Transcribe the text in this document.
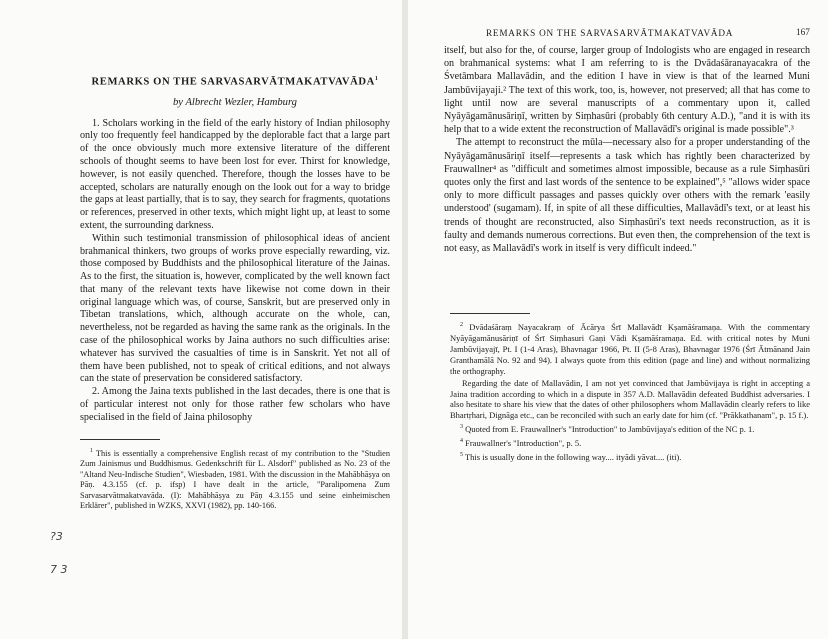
REMARKS ON THE SARVASARVĀTMAKATVAVĀDA$^1$
by Albrecht Wezler, Hamburg

1. Scholars working in the field of the early history of Indian philosophy only too frequently feel handicapped by the deplorable fact that a large part of the once obviously much more extensive literature of the different schools of thought seems to have been lost for ever. Thirst for knowledge, however, is not easily quenched. Therefore, though the losses have to be accepted, scholars are naturally enough on the look out for a way to bridge the gaps at least partially, that is to say, they search for fragments, quotations or references, preserved in other texts, which might light up, at least to some extent, the surrounding darkness.

Within such testimonial transmission of philosophical ideas of ancient brahmanical thinkers, two groups of works prove especially rewarding, viz. those composed by Buddhists and the philosophical literature of the Jainas. As to the first, the situation is, however, complicated by the well known fact that many of the relevant texts have likewise not come down in their original language which was, of course, Sanskrit, but are preserved only in Tibetan translations, which, although accurate on the whole, can, nevertheless, not be regarded as having the same rank as the originals. In the case of the philosophical works by Jaina authors no such difficulties arise: whatever has survived the casualties of time is in Sanskrit. Yet not all of them have been published, not to speak of critical editions, and not always can the state of preservation be considered satisfactory.

2. Among the Jaina texts published in the last decades, there is one that is of particular interest not only for those rather few scholars who have specialised in the field of Jaina philosophy

$^1$ This is essentially a comprehensive English recast of my contribution to the "Studien Zum Jainismus und Buddhismus. Gedenkschrift für L. Alsdorf" published as No. 23 of the "Altand Neu-Indische Studien", Wiesbaden, 1981. With the discussion in the Mahābhāṣya on Pāṇ. 4.3.155 (cf. p. ifsp) I have dealt in the article, "Paralipomena Zum Sarvasarvātmakatvavāda. (I): Mahābhāṣya zu Pāṇ 4.3.155 und seine einheimischen Erklärer", published in WZKS, XXVI (1982), pp. 140-166.

?3
7 3
REMARKS ON THE SARVASARVĀTMAKATVAVĀDA	167

itself, but also for the, of course, larger group of Indologists who are engaged in research on brahmanical systems: what I am referring to is the Dvādaśāranayacakra of the Śvetāmbara Mallavādin, and the edition I have in view is that of the learned Muni Jambūvijayaji.² The text of this work, too, is, however, not preserved; all that has come to light until now are several manuscripts of a commentary upon it, called Nyāyāgamānusāriṇī, written by Siṃhasūri (probably 6th century A.D.), "and it is with its help that to a wide extent the reconstruction of Mallavādī's original is made possible".³

The attempt to reconstruct the mūla—necessary also for a proper understanding of the Nyāyāgamānusāriṇī itself—represents a task which has rightly been characterized by Frauwallner⁴ as "difficult and sometimes almost impossible, because as a rule Siṃhasūri quotes only the first and last words of the sentence to be explained",⁵ "allows wider space only to more difficult passages and passes quickly over others with the remark 'easily understood' (sugamam). If, in spite of all these difficulties, Mallavādī's text, or at least his trends of thought are reconstructed, also Siṃhasūri's text needs reconstruction, as it is faulty and demands numerous corrections. But even then, the comprehension of the text is not easy, as Mallavādī's work in itself is very difficult indeed."

$^2$ Dvādaśāraṃ Nayacakraṃ of Ācārya Śrī Mallavādī Kṣamāśramaṇa. With the commentary Nyāyāgamānusāriṇī of Śrī Siṃhasuri Gaṇi Vādi Kṣamāśramaṇa. Ed. with critical notes by Muni Jambūvijayajī, Pt. I (1-4 Aras), Bhavnagar 1966, Pt. II (5-8 Aras), Bhavnagar 1976 (Śrī Ātmānand Jain Granthamālā No. 92 and 94). I always quote from this edition (page and line) and without normalizing the orthography.

Regarding the date of Mallavādin, I am not yet convinced that Jambūvijaya is right in accepting a Jaina tradition according to which in a dispute in 357 A.D. Mallavādin defeated Buddhist adversaries. I also hesitate to share his view that the dates of other philosophers whom Mallavādin clearly refers to like Bhartṛhari, Dignāga etc., can be reconciled with such an early date for him (cf. "Prākkathanam", p. 15 f.).

$^3$ Quoted from E. Frauwallner's "Introduction" to Jambūvijaya's edition of the NC p. 1.

$^4$ Frauwallner's "Introduction", p. 5.

$^5$ This is usually done in the following way.... ityādi yāvat.... (iti).
